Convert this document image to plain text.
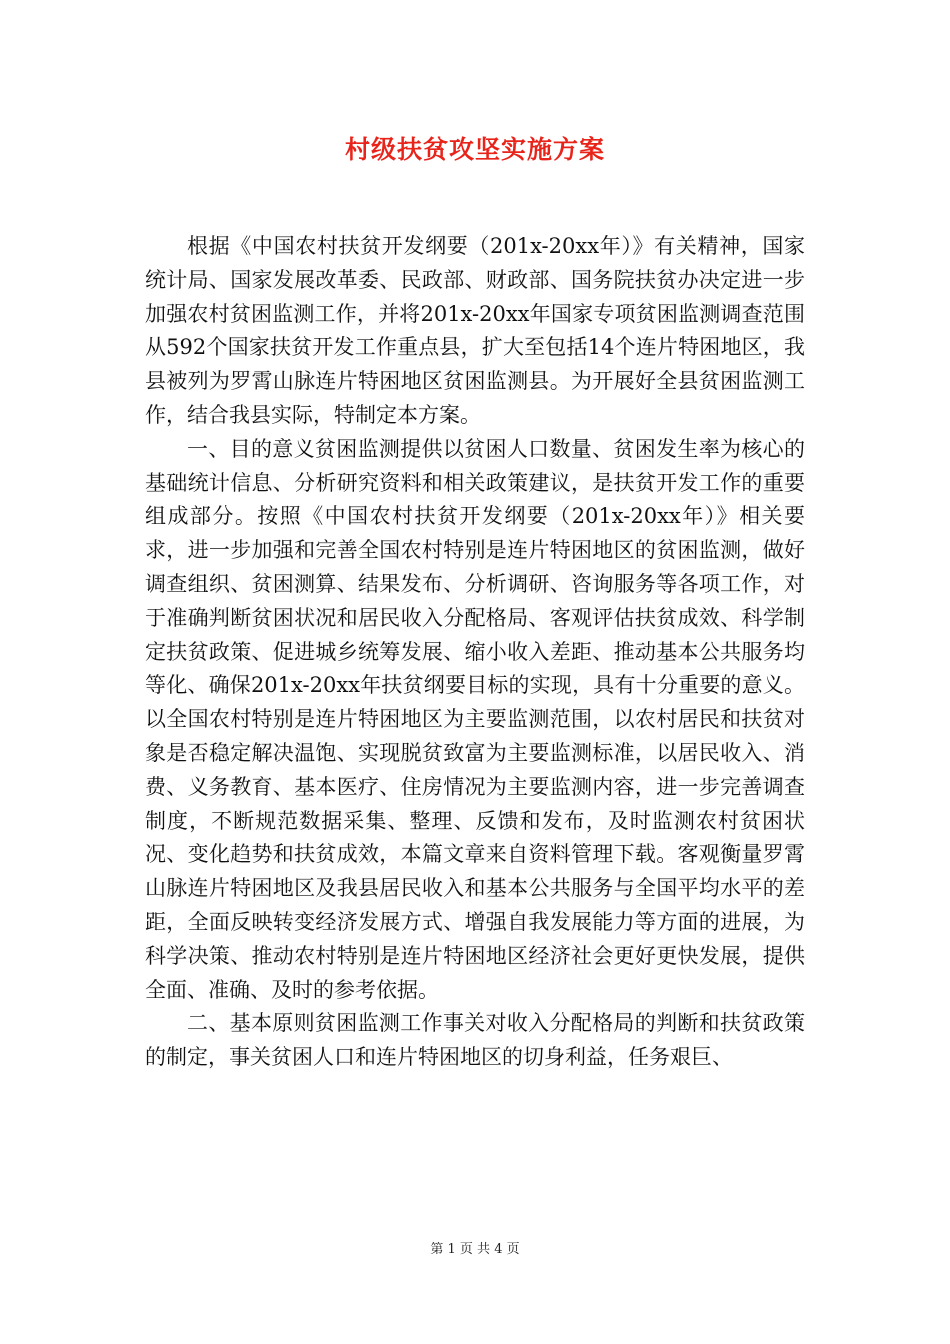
村级扶贫攻坚实施方案

根据《中国农村扶贫开发纲要（201x-20xx年）》有关精神，国家统计局、国家发展改革委、民政部、财政部、国务院扶贫办决定进一步加强农村贫困监测工作，并将201x-20xx年国家专项贫困监测调查范围从592个国家扶贫开发工作重点县，扩大至包括14个连片特困地区，我县被列为罗霄山脉连片特困地区贫困监测县。为开展好全县贫困监测工作，结合我县实际，特制定本方案。

一、目的意义贫困监测提供以贫困人口数量、贫困发生率为核心的基础统计信息、分析研究资料和相关政策建议，是扶贫开发工作的重要组成部分。按照《中国农村扶贫开发纲要（201x-20xx年）》相关要求，进一步加强和完善全国农村特别是连片特困地区的贫困监测，做好调查组织、贫困测算、结果发布、分析调研、咨询服务等各项工作，对于准确判断贫困状况和居民收入分配格局、客观评估扶贫成效、科学制定扶贫政策、促进城乡统筹发展、缩小收入差距、推动基本公共服务均等化、确保201x-20xx年扶贫纲要目标的实现，具有十分重要的意义。以全国农村特别是连片特困地区为主要监测范围，以农村居民和扶贫对象是否稳定解决温饱、实现脱贫致富为主要监测标准，以居民收入、消费、义务教育、基本医疗、住房情况为主要监测内容，进一步完善调查制度，不断规范数据采集、整理、反馈和发布，及时监测农村贫困状况、变化趋势和扶贫成效，本篇文章来自资料管理下载。客观衡量罗霄山脉连片特困地区及我县居民收入和基本公共服务与全国平均水平的差距，全面反映转变经济发展方式、增强自我发展能力等方面的进展，为科学决策、推动农村特别是连片特困地区经济社会更好更快发展，提供全面、准确、及时的参考依据。

二、基本原则贫困监测工作事关对收入分配格局的判断和扶贫政策的制定，事关贫困人口和连片特困地区的切身利益，任务艰巨、

第 1 页 共 4 页
